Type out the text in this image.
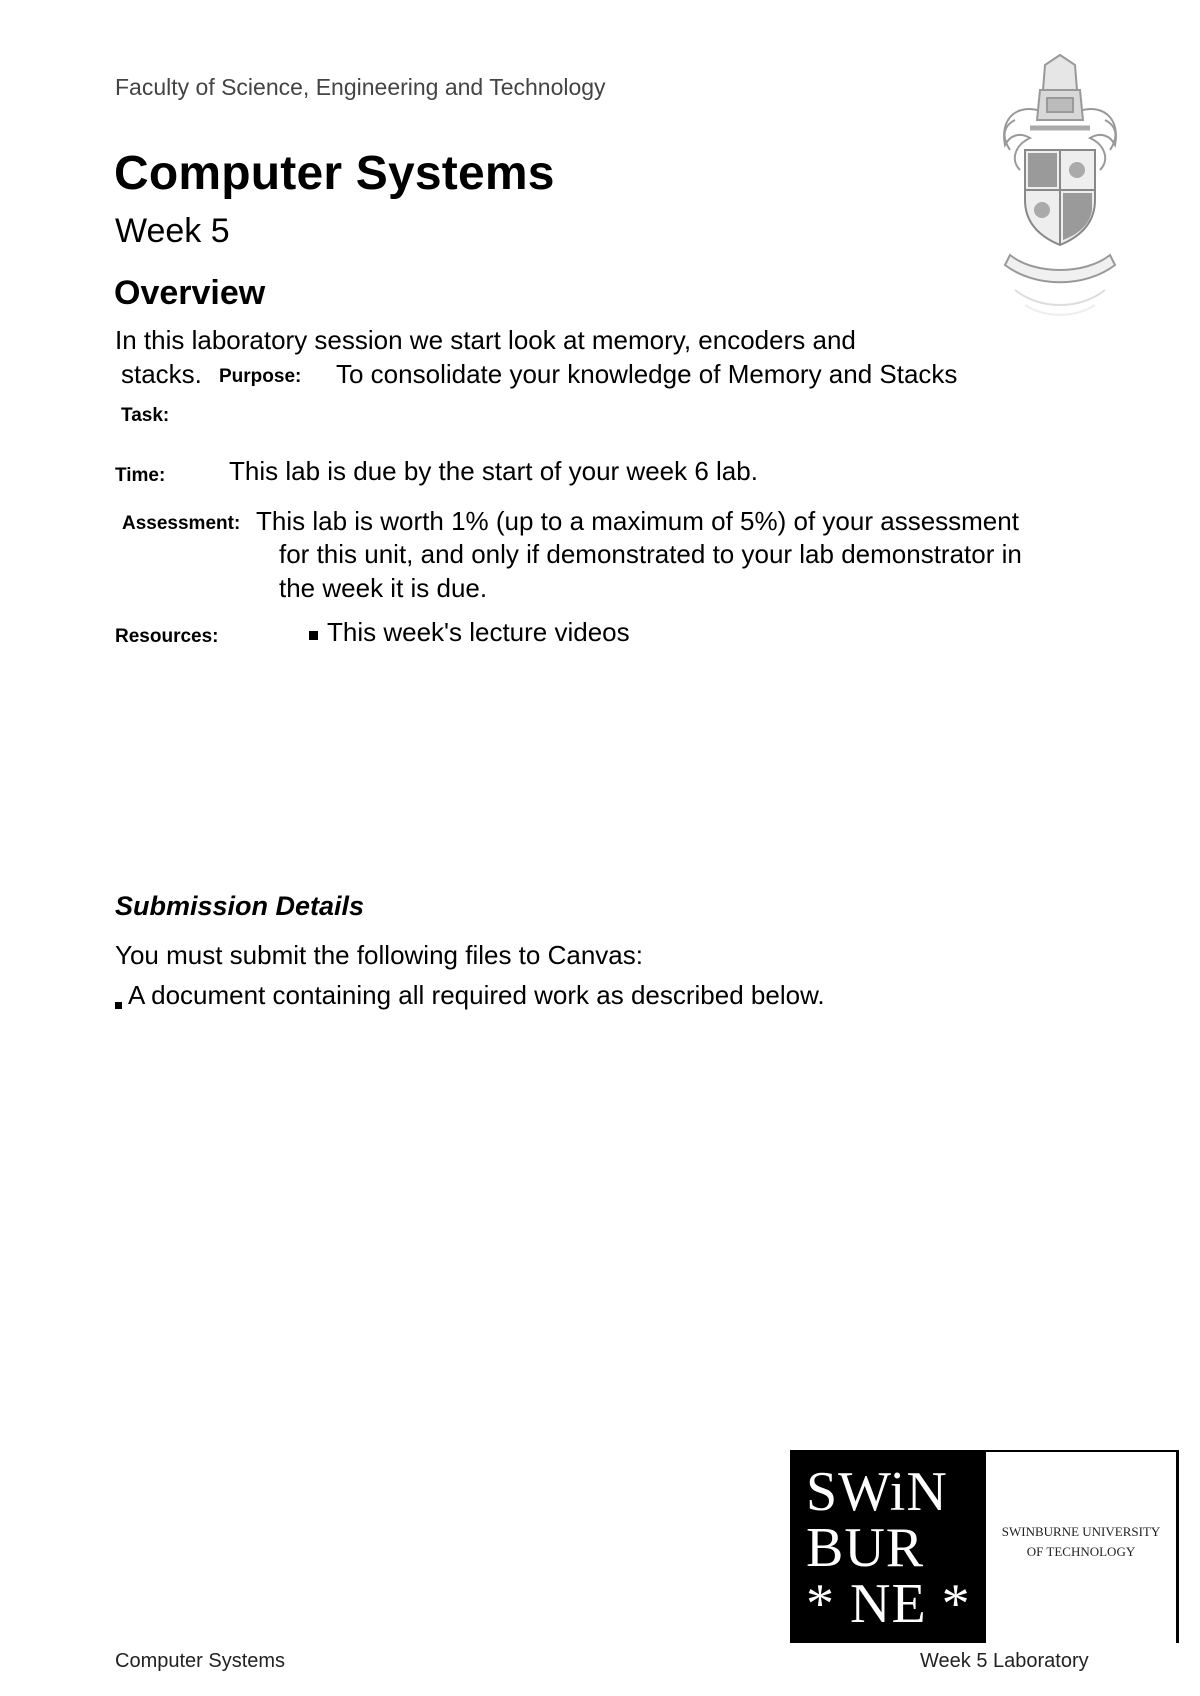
Faculty of Science, Engineering and Technology
Computer Systems
Week 5
Overview
In this laboratory session we start look at memory, encoders and
stacks. Purpose: To consolidate your knowledge of Memory and Stacks
Task:
Time: This lab is due by the start of your week 6 lab.
Assessment: This lab is worth 1% (up to a maximum of 5%) of your assessment
for this unit, and only if demonstrated to your lab demonstrator in
the week it is due.
Resources:	This week's lecture videos
Submission Details
You must submit the following files to Canvas:
A document containing all required work as described below.
SWiN
BUR
* NE *
SWINBURNE UNIVERSITY
OF TECHNOLOGY
Computer Systems	Week 5 Laboratory
